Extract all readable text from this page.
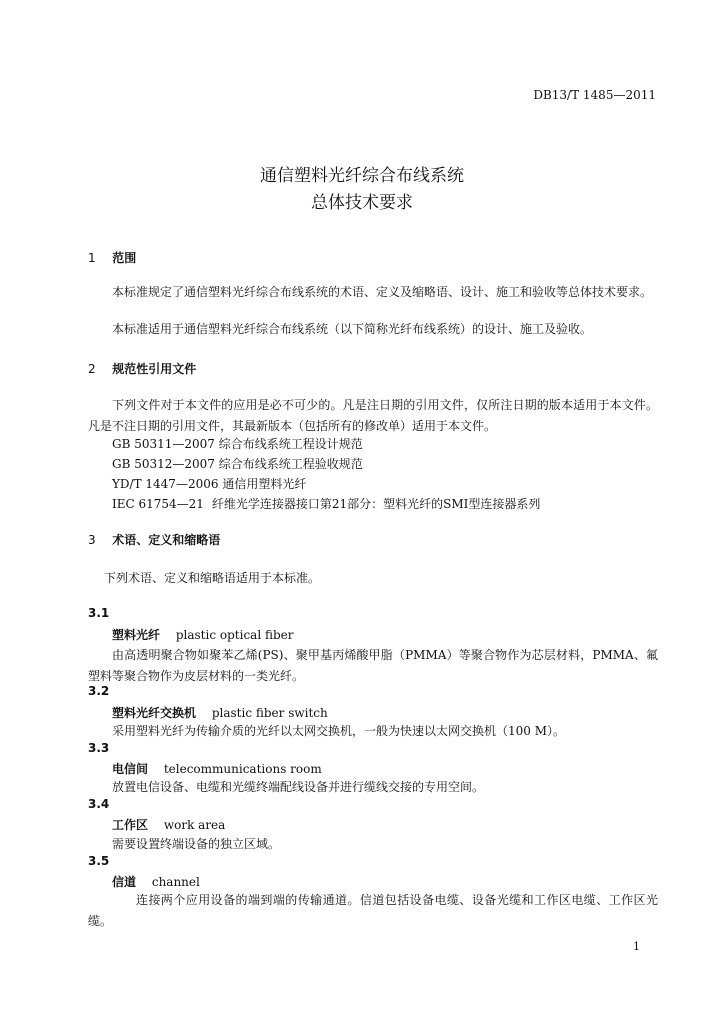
DB13/T 1485—2011
通信塑料光纤综合布线系统
总体技术要求
1 范围
本标准规定了通信塑料光纤综合布线系统的术语、定义及缩略语、设计、施工和验收等总体技术要求。
本标准适用于通信塑料光纤综合布线系统（以下简称光纤布线系统）的设计、施工及验收。
2 规范性引用文件
下列文件对于本文件的应用是必不可少的。凡是注日期的引用文件，仅所注日期的版本适用于本文件。凡是不注日期的引用文件，其最新版本（包括所有的修改单）适用于本文件。
GB 50311—2007 综合布线系统工程设计规范
GB 50312—2007 综合布线系统工程验收规范
YD/T 1447—2006 通信用塑料光纤
IEC 61754—21 纤维光学连接器接口第21部分：塑料光纤的SMI型连接器系列
3 术语、定义和缩略语
下列术语、定义和缩略语适用于本标准。
3.1
塑料光纤 plastic optical fiber
由高透明聚合物如聚苯乙烯(PS)、聚甲基丙烯酸甲脂（PMMA）等聚合物作为芯层材料，PMMA、氟塑料等聚合物作为皮层材料的一类光纤。
3.2
塑料光纤交换机 plastic fiber switch
采用塑料光纤为传输介质的光纤以太网交换机，一般为快速以太网交换机（100 M）。
3.3
电信间 telecommunications room
放置电信设备、电缆和光缆终端配线设备并进行缆线交接的专用空间。
3.4
工作区 work area
需要设置终端设备的独立区域。
3.5
信道 channel
连接两个应用设备的端到端的传输通道。信道包括设备电缆、设备光缆和工作区电缆、工作区光缆。
1
